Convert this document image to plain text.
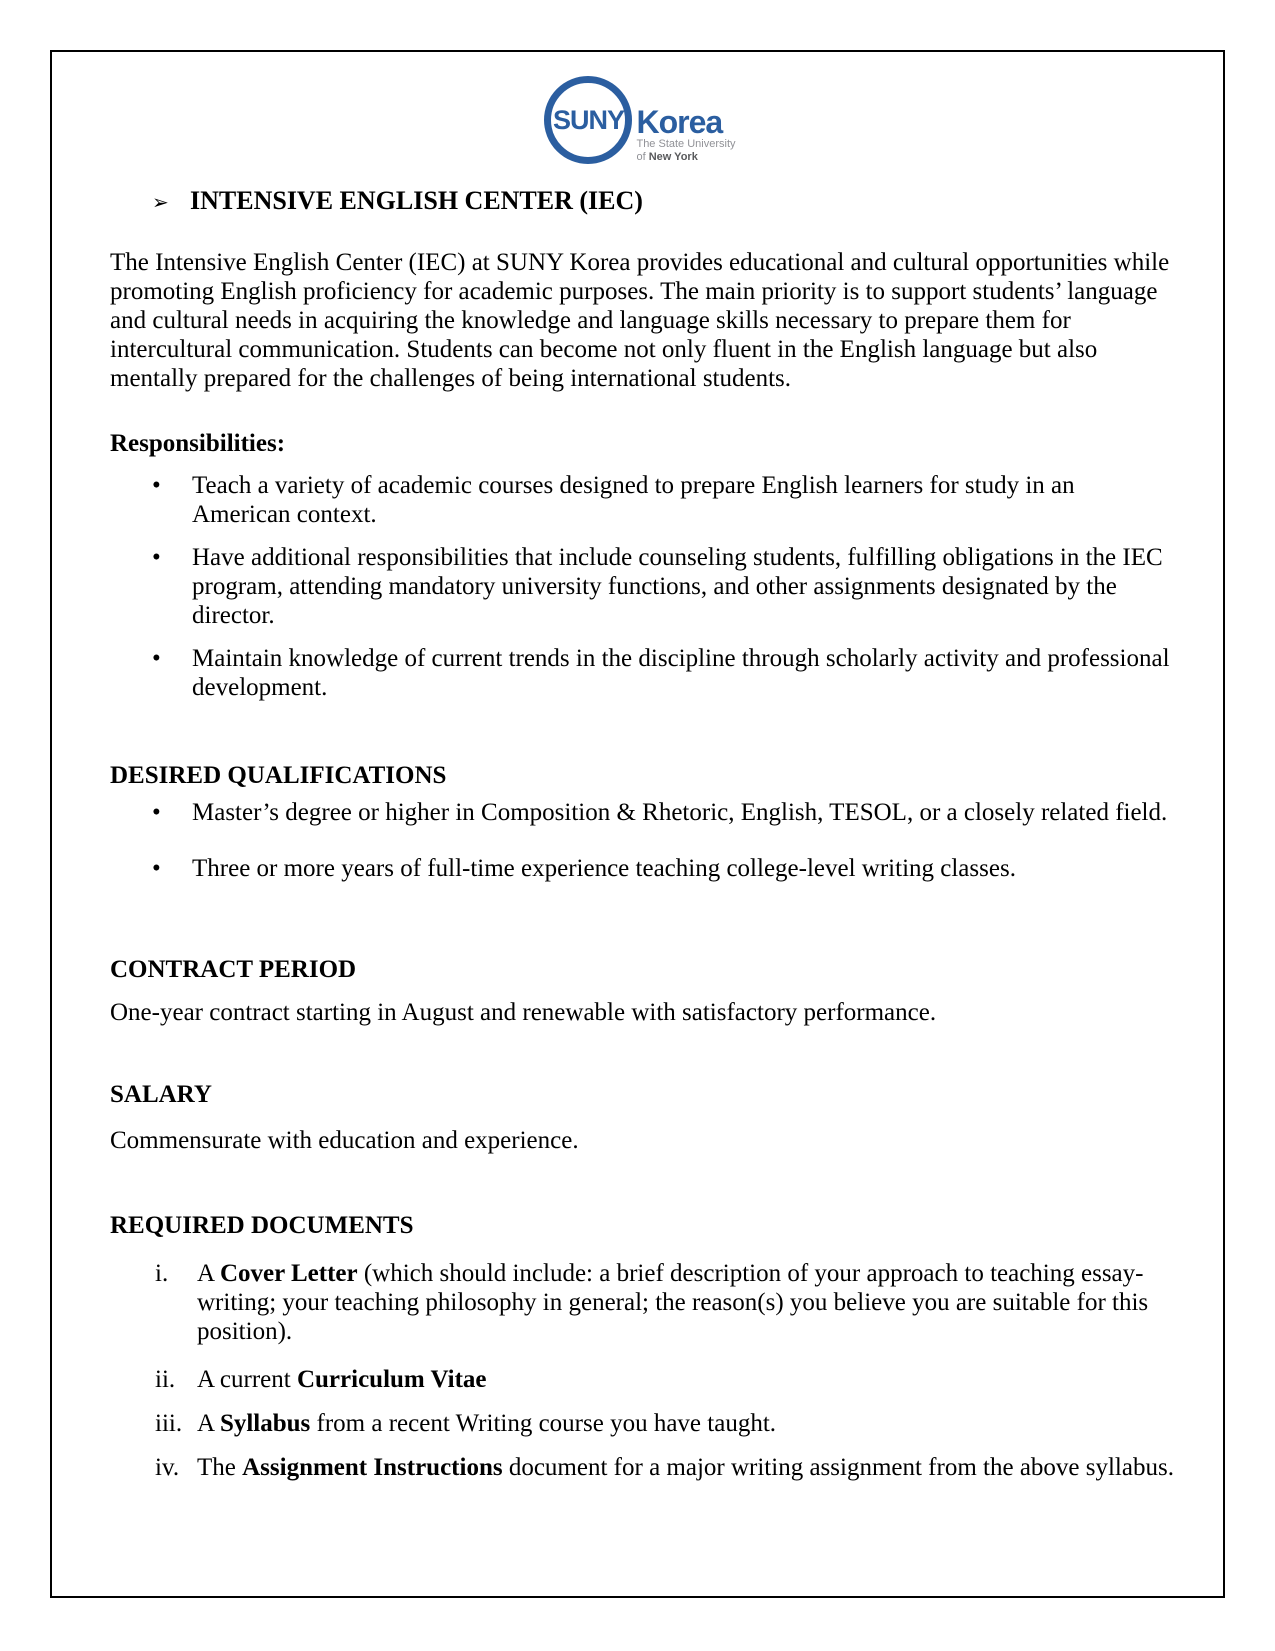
SUNY Korea
The State University
of New York
➢ INTENSIVE ENGLISH CENTER (IEC)

The Intensive English Center (IEC) at SUNY Korea provides educational and cultural opportunities while promoting English proficiency for academic purposes. The main priority is to support students’ language and cultural needs in acquiring the knowledge and language skills necessary to prepare them for intercultural communication. Students can become not only fluent in the English language but also mentally prepared for the challenges of being international students.

Responsibilities:

•	Teach a variety of academic courses designed to prepare English learners for study in an American context.
•	Have additional responsibilities that include counseling students, fulfilling obligations in the IEC program, attending mandatory university functions, and other assignments designated by the director.
•	Maintain knowledge of current trends in the discipline through scholarly activity and professional development.

DESIRED QUALIFICATIONS

•	Master’s degree or higher in Composition & Rhetoric, English, TESOL, or a closely related field.
•	Three or more years of full-time experience teaching college-level writing classes.

CONTRACT PERIOD

One-year contract starting in August and renewable with satisfactory performance.

SALARY

Commensurate with education and experience.

REQUIRED DOCUMENTS

i.	A Cover Letter (which should include: a brief description of your approach to teaching essay-writing; your teaching philosophy in general; the reason(s) you believe you are suitable for this position).
ii. A current Curriculum Vitae
iii. A Syllabus from a recent Writing course you have taught.
iv. The Assignment Instructions document for a major writing assignment from the above syllabus.
